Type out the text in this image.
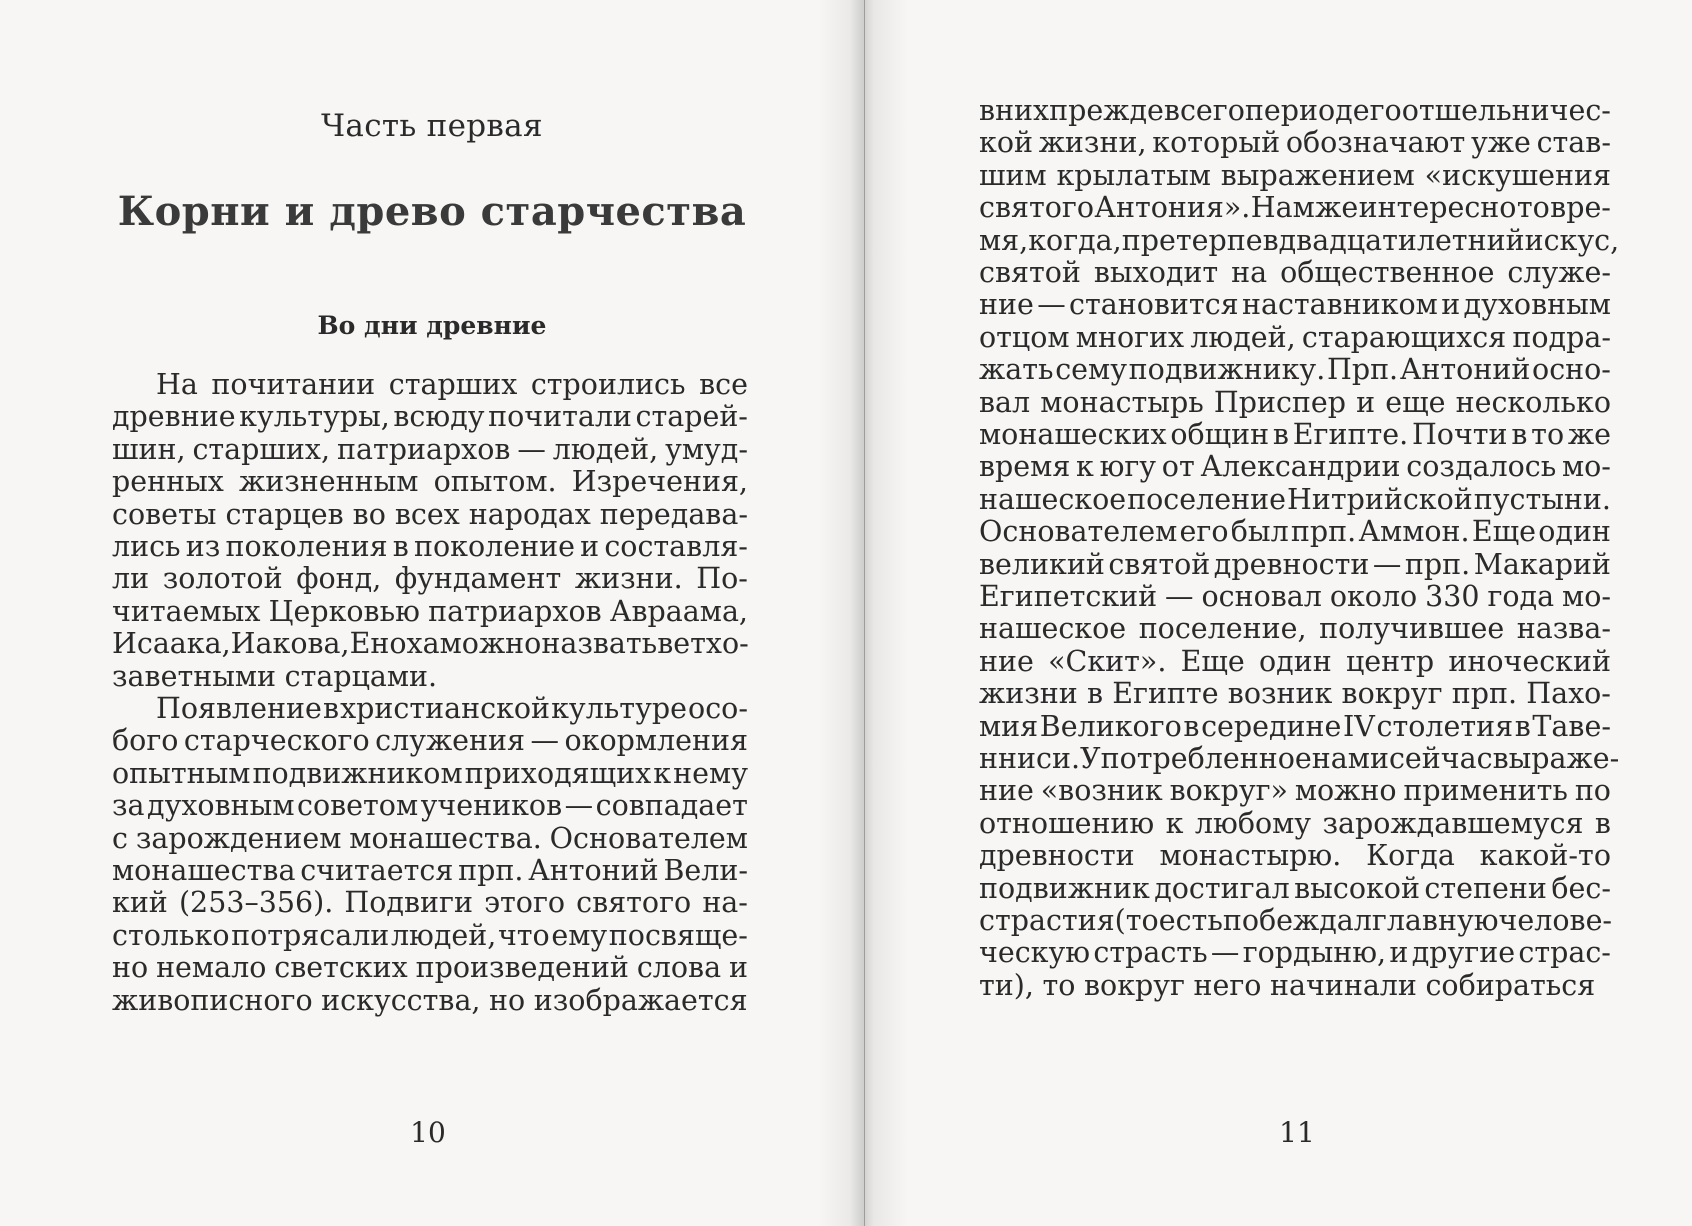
Часть первая
Корни и древо старчества
Во дни древние
На почитании старших строились все
древние культуры, всюду почитали старей-
шин, старших, патриархов — людей, умуд-
ренных жизненным опытом. Изречения,
советы старцев во всех народах передава-
лись из поколения в поколение и составля-
ли золотой фонд, фундамент жизни. По-
читаемых Церковью патриархов Авраама,
Исаака, Иакова, Еноха можно назвать ветхо-
заветными старцами.
Появление в христианской культуре осо-
бого старческого служения — окормления
опытным подвижником приходящих к нему
за духовным советом учеников — совпадает
с зарождением монашества. Основателем
монашества считается прп. Антоний Вели-
кий (253–356). Подвиги этого святого на-
столько потрясали людей, что ему посвяще-
но немало светских произведений слова и
живописного искусства, но изображается
в них прежде всего период его отшельничес-
кой жизни, который обозначают уже став-
шим крылатым выражением «искушения
святого Антония». Нам же интересно то вре-
мя, когда, претерпев двадцатилетний искус,
святой выходит на общественное служе-
ние — становится наставником и духовным
отцом многих людей, старающихся подра-
жать сему подвижнику. Прп. Антоний осно-
вал монастырь Приспер и еще несколько
монашеских общин в Египте. Почти в то же
время к югу от Александрии создалось мо-
нашеское поселение Нитрийской пустыни.
Основателем его был прп. Аммон. Еще один
великий святой древности — прп. Макарий
Египетский — основал около 330 года мо-
нашеское поселение, получившее назва-
ние «Скит». Еще один центр иноческий
жизни в Египте возник вокруг прп. Пахо-
мия Великого в середине IV столетия в Таве-
нниси. Употребленное нами сейчас выраже-
ние «возник вокруг» можно применить по
отношению к любому зарождавшемуся в
древности монастырю. Когда какой-то
подвижник достигал высокой степени бес-
страстия (то есть побеждал главную челове-
ческую страсть — гордыню, и другие страс-
ти), то вокруг него начинали собираться
10	11
